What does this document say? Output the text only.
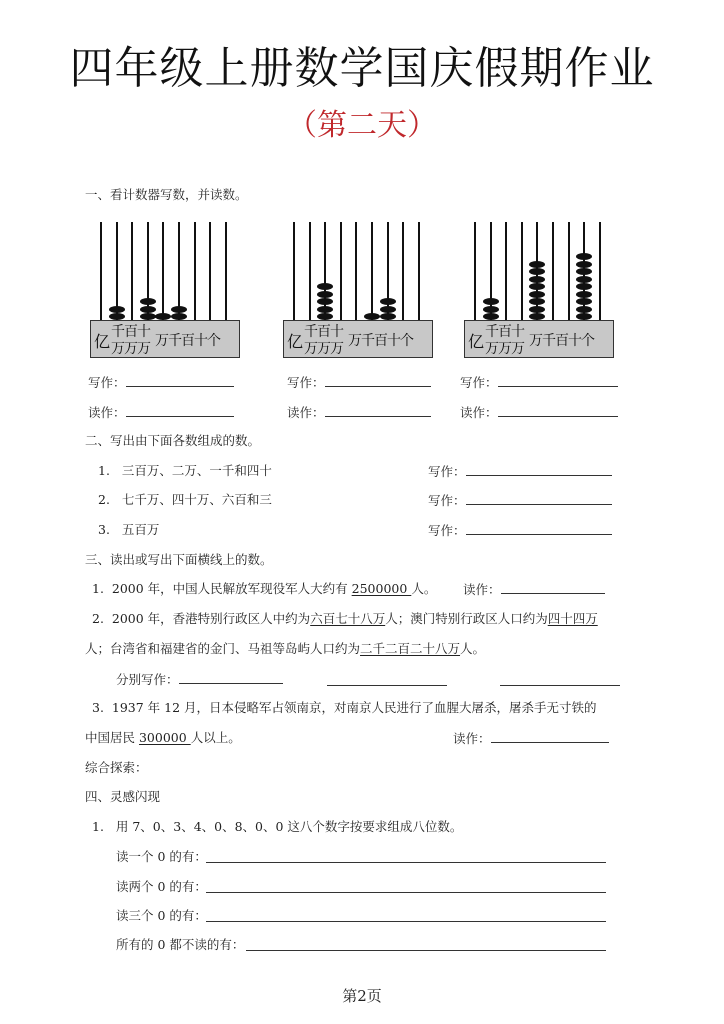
四年级上册数学国庆假期作业
（第二天）
一、看计数器写数，并读数。
亿 千百十
万万万 万千百十个	亿 千百十
万万万 万千百十个	亿 千百十
万万万 万千百十个
写作：	写作：	写作：
读作：	读作：	读作：
二、写出由下面各数组成的数。
1. 三百万、二万、一千和四十	写作：
2. 七千万、四十万、六百和三	写作：
3. 五百万	写作：
三、读出或写出下面横线上的数。
1. 2000 年，中国人民解放军现役军人大约有 2500000 人。 读作：
2. 2000 年，香港特别行政区人中约为六百七十八万人；澳门特别行政区人口约为四十四万
人；台湾省和福建省的金门、马祖等岛屿人口约为二千二百二十八万人。
分别写作：
3. 1937 年 12 月，日本侵略军占领南京，对南京人民进行了血腥大屠杀，屠杀手无寸铁的
中国居民 300000 人以上。	读作：
综合探索：
四、灵感闪现
1. 用 7、0、3、4、0、8、0、0 这八个数字按要求组成八位数。
读一个 0 的有：
读两个 0 的有：
读三个 0 的有：
所有的 0 都不读的有：
第2页
